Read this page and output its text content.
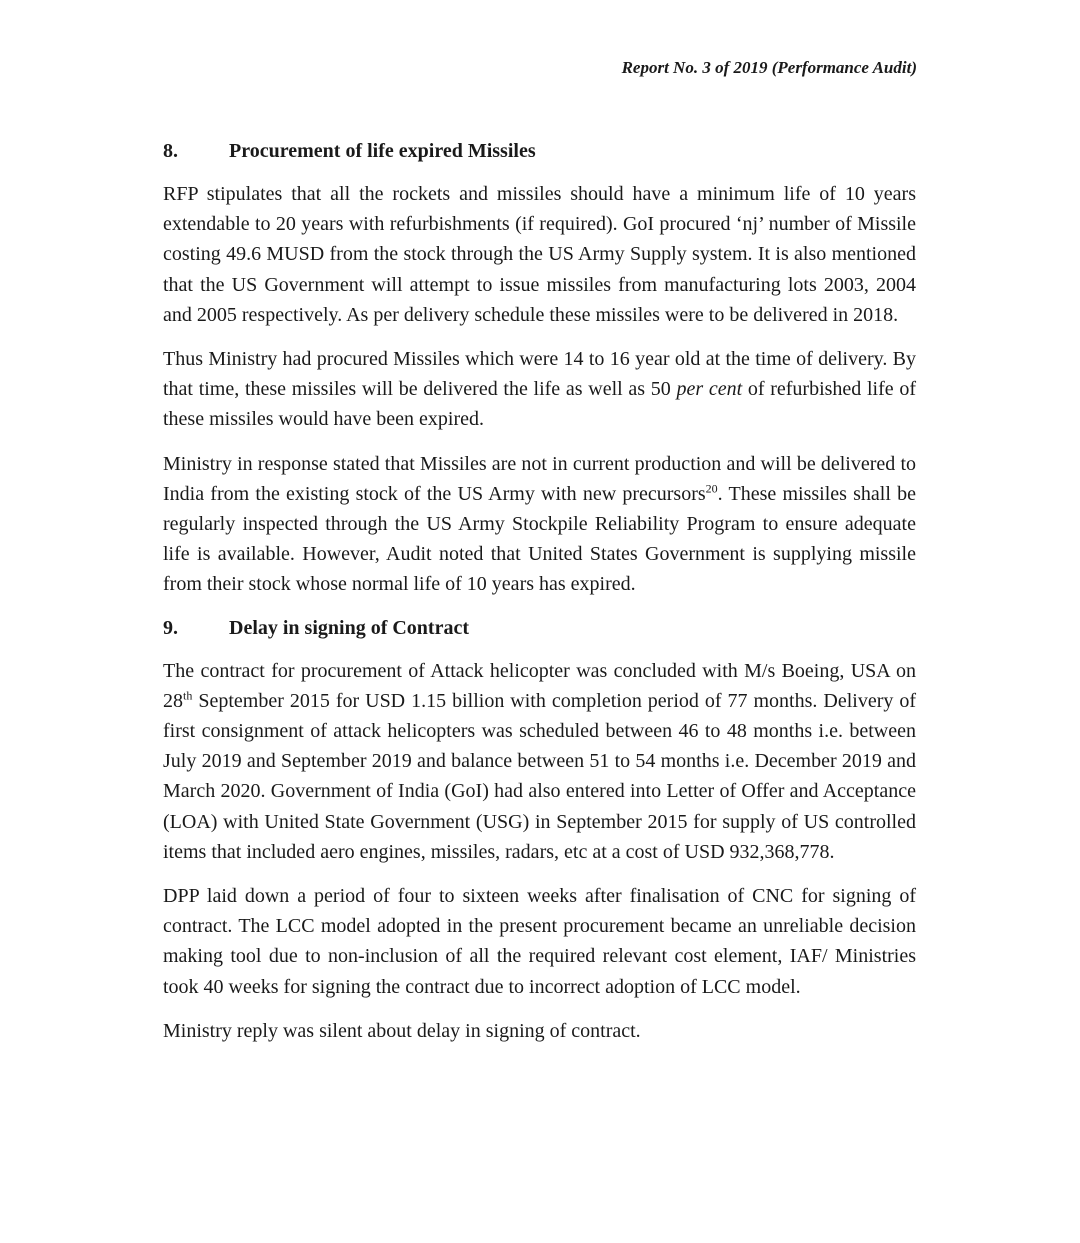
Report No. 3 of 2019 (Performance Audit)
8.	Procurement of life expired Missiles

RFP stipulates that all the rockets and missiles should have a minimum life of 10 years extendable to 20 years with refurbishments (if required). GoI procured ‘nj’ number of Missile costing 49.6 MUSD from the stock through the US Army Supply system. It is also mentioned that the US Government will attempt to issue missiles from manufacturing lots 2003, 2004 and 2005 respectively. As per delivery schedule these missiles were to be delivered in 2018.

Thus Ministry had procured Missiles which were 14 to 16 year old at the time of delivery. By that time, these missiles will be delivered the life as well as 50 per cent of refurbished life of these missiles would have been expired.

Ministry in response stated that Missiles are not in current production and will be delivered to India from the existing stock of the US Army with new precursors$^{20}$. These missiles shall be regularly inspected through the US Army Stockpile Reliability Program to ensure adequate life is available. However, Audit noted that United States Government is supplying missile from their stock whose normal life of 10 years has expired.

9.	Delay in signing of Contract

The contract for procurement of Attack helicopter was concluded with M/s Boeing, USA on 28th September 2015 for USD 1.15 billion with completion period of 77 months. Delivery of first consignment of attack helicopters was scheduled between 46 to 48 months i.e. between July 2019 and September 2019 and balance between 51 to 54 months i.e. December 2019 and March 2020. Government of India (GoI) had also entered into Letter of Offer and Acceptance (LOA) with United State Government (USG) in September 2015 for supply of US controlled items that included aero engines, missiles, radars, etc at a cost of USD 932,368,778.

DPP laid down a period of four to sixteen weeks after finalisation of CNC for signing of contract. The LCC model adopted in the present procurement became an unreliable decision making tool due to non-inclusion of all the required relevant cost element, IAF/ Ministries took 40 weeks for signing the contract due to incorrect adoption of LCC model.

Ministry reply was silent about delay in signing of contract.
